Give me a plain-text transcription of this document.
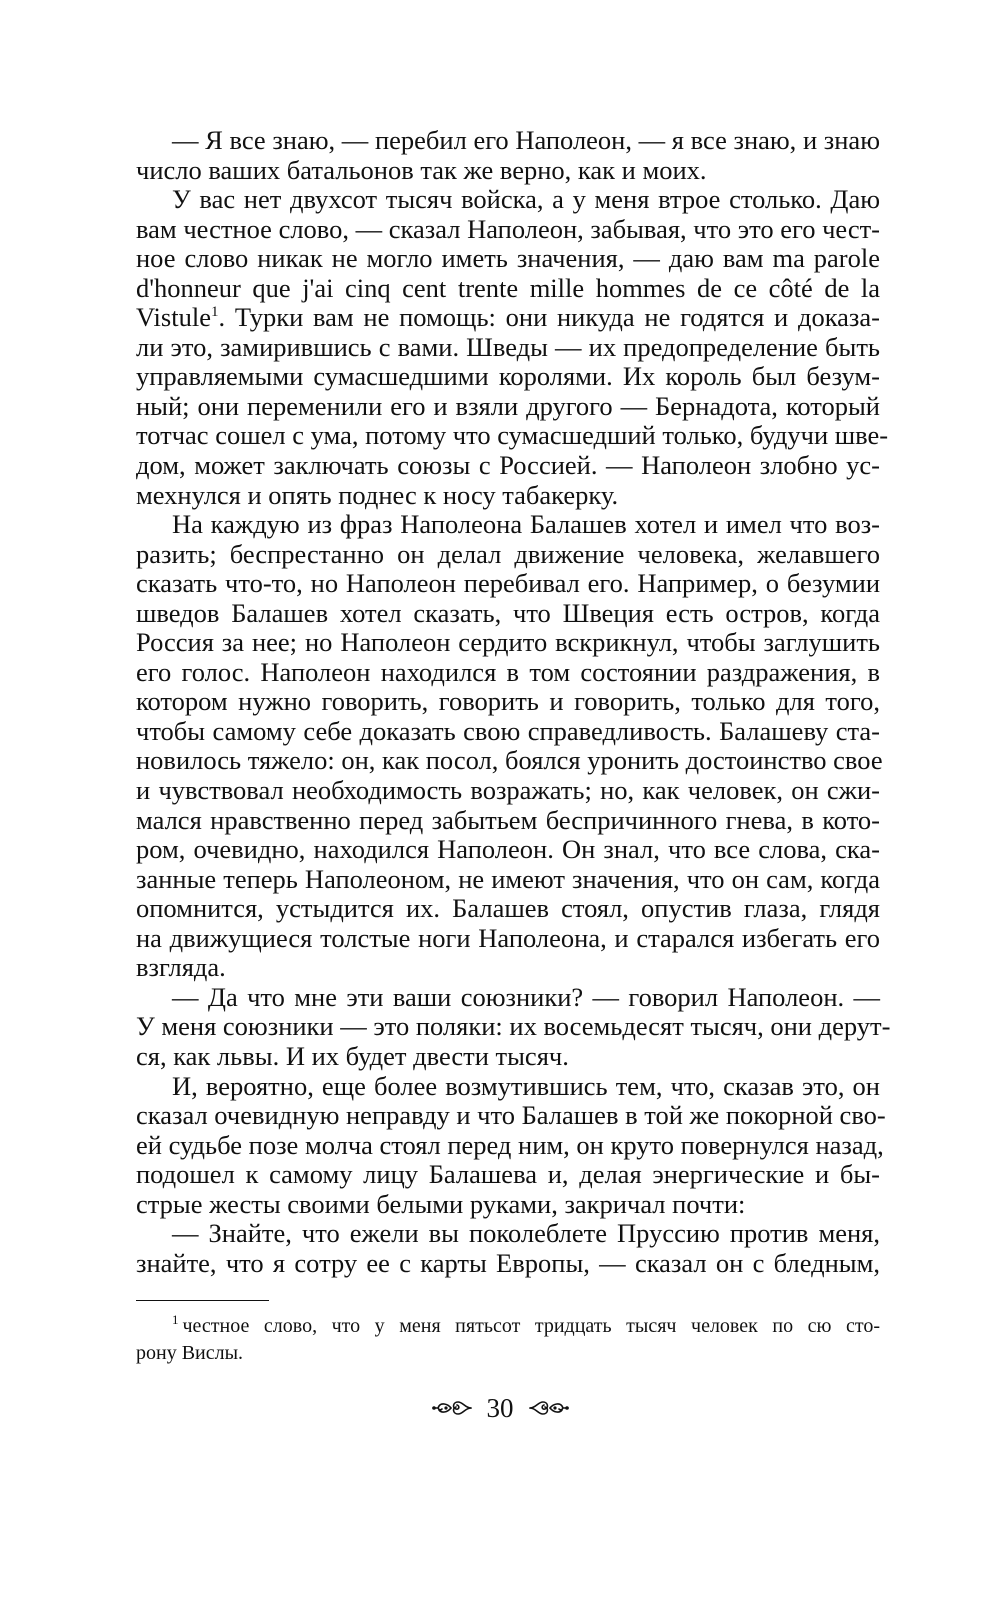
— Я все знаю, — перебил его Наполеон, — я все знаю, и знаю
число ваших батальонов так же верно, как и моих.
У вас нет двухсот тысяч войска, а у меня втрое столько. Даю
вам честное слово, — сказал Наполеон, забывая, что это его чест-
ное слово никак не могло иметь значения, — даю вам ma parole
d'honneur que j'ai cinq cent trente mille hommes de ce côté de la
Vistule$^1$. Турки вам не помощь: они никуда не годятся и доказа-
ли это, замирившись с вами. Шведы — их предопределение быть
управляемыми сумасшедшими королями. Их король был безум-
ный; они переменили его и взяли другого — Бернадота, который
тотчас сошел с ума, потому что сумасшедший только, будучи шве-
дом, может заключать союзы с Россией. — Наполеон злобно ус-
мехнулся и опять поднес к носу табакерку.
На каждую из фраз Наполеона Балашев хотел и имел что воз-
разить; беспрестанно он делал движение человека, желавшего
сказать что-то, но Наполеон перебивал его. Например, о безумии
шведов Балашев хотел сказать, что Швеция есть остров, когда
Россия за нее; но Наполеон сердито вскрикнул, чтобы заглушить
его голос. Наполеон находился в том состоянии раздражения, в
котором нужно говорить, говорить и говорить, только для того,
чтобы самому себе доказать свою справедливость. Балашеву ста-
новилось тяжело: он, как посол, боялся уронить достоинство свое
и чувствовал необходимость возражать; но, как человек, он сжи-
мался нравственно перед забытьем беспричинного гнева, в кото-
ром, очевидно, находился Наполеон. Он знал, что все слова, ска-
занные теперь Наполеоном, не имеют значения, что он сам, когда
опомнится, устыдится их. Балашев стоял, опустив глаза, глядя
на движущиеся толстые ноги Наполеона, и старался избегать его
взгляда.
— Да что мне эти ваши союзники? — говорил Наполеон. —
У меня союзники — это поляки: их восемьдесят тысяч, они дерут-
ся, как львы. И их будет двести тысяч.
И, вероятно, еще более возмутившись тем, что, сказав это, он
сказал очевидную неправду и что Балашев в той же покорной сво-
ей судьбе позе молча стоял перед ним, он круто повернулся назад,
подошел к самому лицу Балашева и, делая энергические и бы-
стрые жесты своими белыми руками, закричал почти:
— Знайте, что ежели вы поколеблете Пруссию против меня,
знайте, что я сотру ее с карты Европы, — сказал он с бледным,
$^1$ честное слово, что у меня пятьсот тридцать тысяч человек по сю сто-
рону Вислы.
30
